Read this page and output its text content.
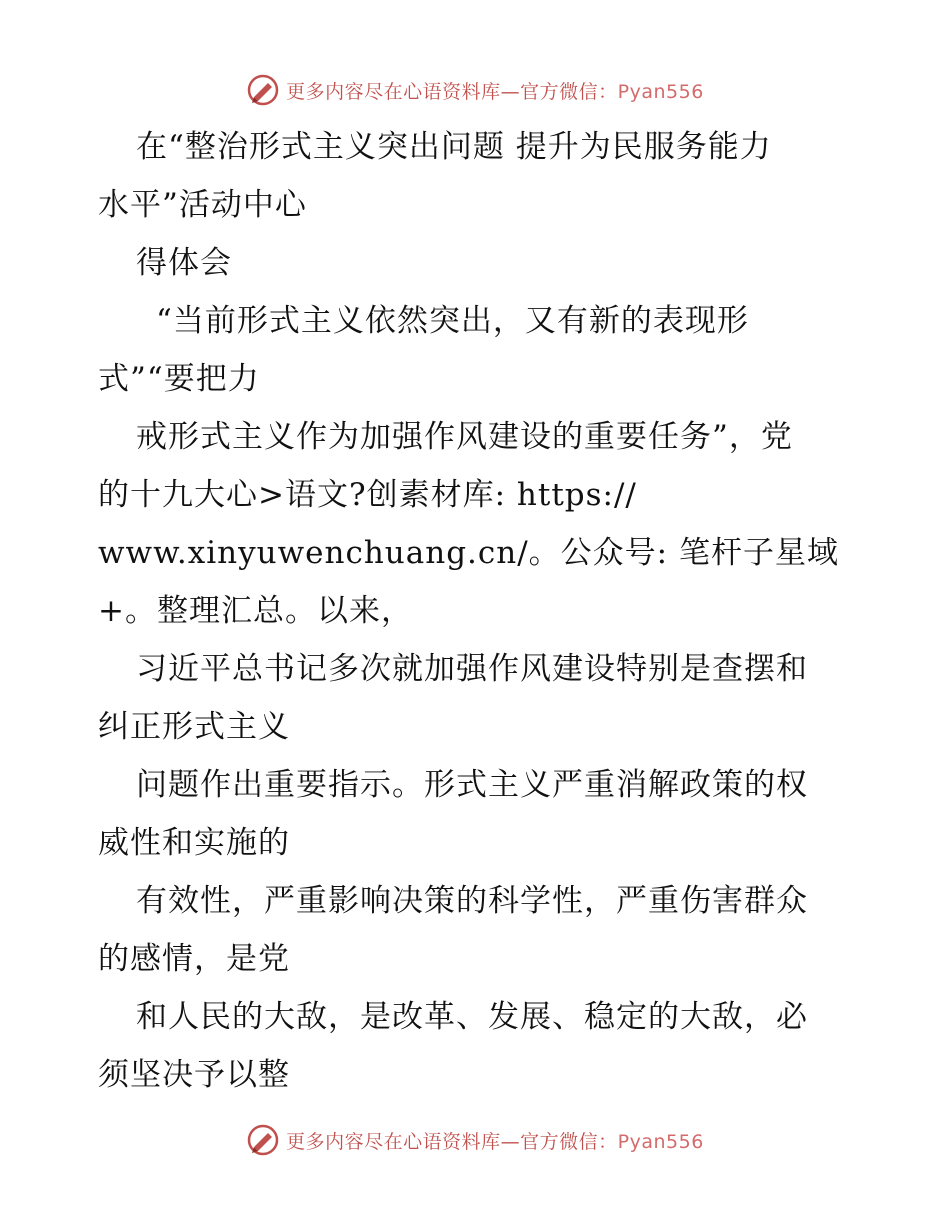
更多内容尽在心语资料库—官方微信：Pyan556
在“整治形式主义突出问题 提升为民服务能力
水平”活动中心
得体会
“当前形式主义依然突出，又有新的表现形
式”“要把力
戒形式主义作为加强作风建设的重要任务”，党
的十九大心>语文?创素材库: https://
www.xinyuwenchuang.cn/。公众号: 笔杆子星域
+。整理汇总。以来，
习近平总书记多次就加强作风建设特别是查摆和
纠正形式主义
问题作出重要指示。形式主义严重消解政策的权
威性和实施的
有效性，严重影响决策的科学性，严重伤害群众
的感情，是党
和人民的大敌，是改革、发展、稳定的大敌，必
须坚决予以整
更多内容尽在心语资料库—官方微信：Pyan556
